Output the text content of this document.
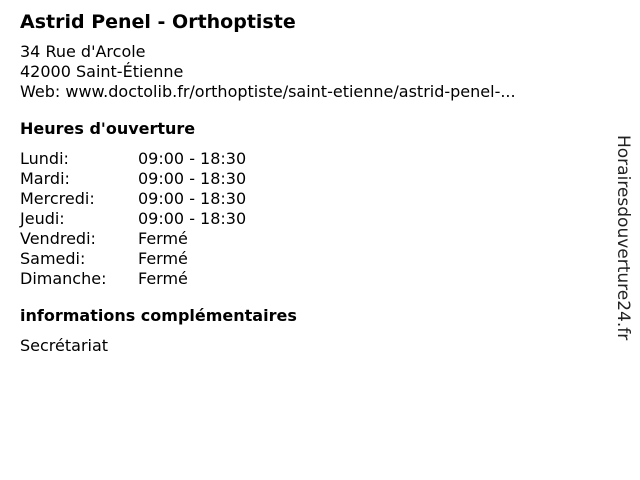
Astrid Penel - Orthoptiste
34 Rue d'Arcole
42000 Saint-Étienne
Web: www.doctolib.fr/orthoptiste/saint-etienne/astrid-penel-...
Heures d'ouverture
Lundi:	09:00 - 18:30
Mardi:	09:00 - 18:30
Mercredi:	09:00 - 18:30
Jeudi:	09:00 - 18:30
Vendredi:	Fermé
Samedi:	Fermé
Dimanche:	Fermé
informations complémentaires
Secrétariat
Horairesdouverture24.fr
